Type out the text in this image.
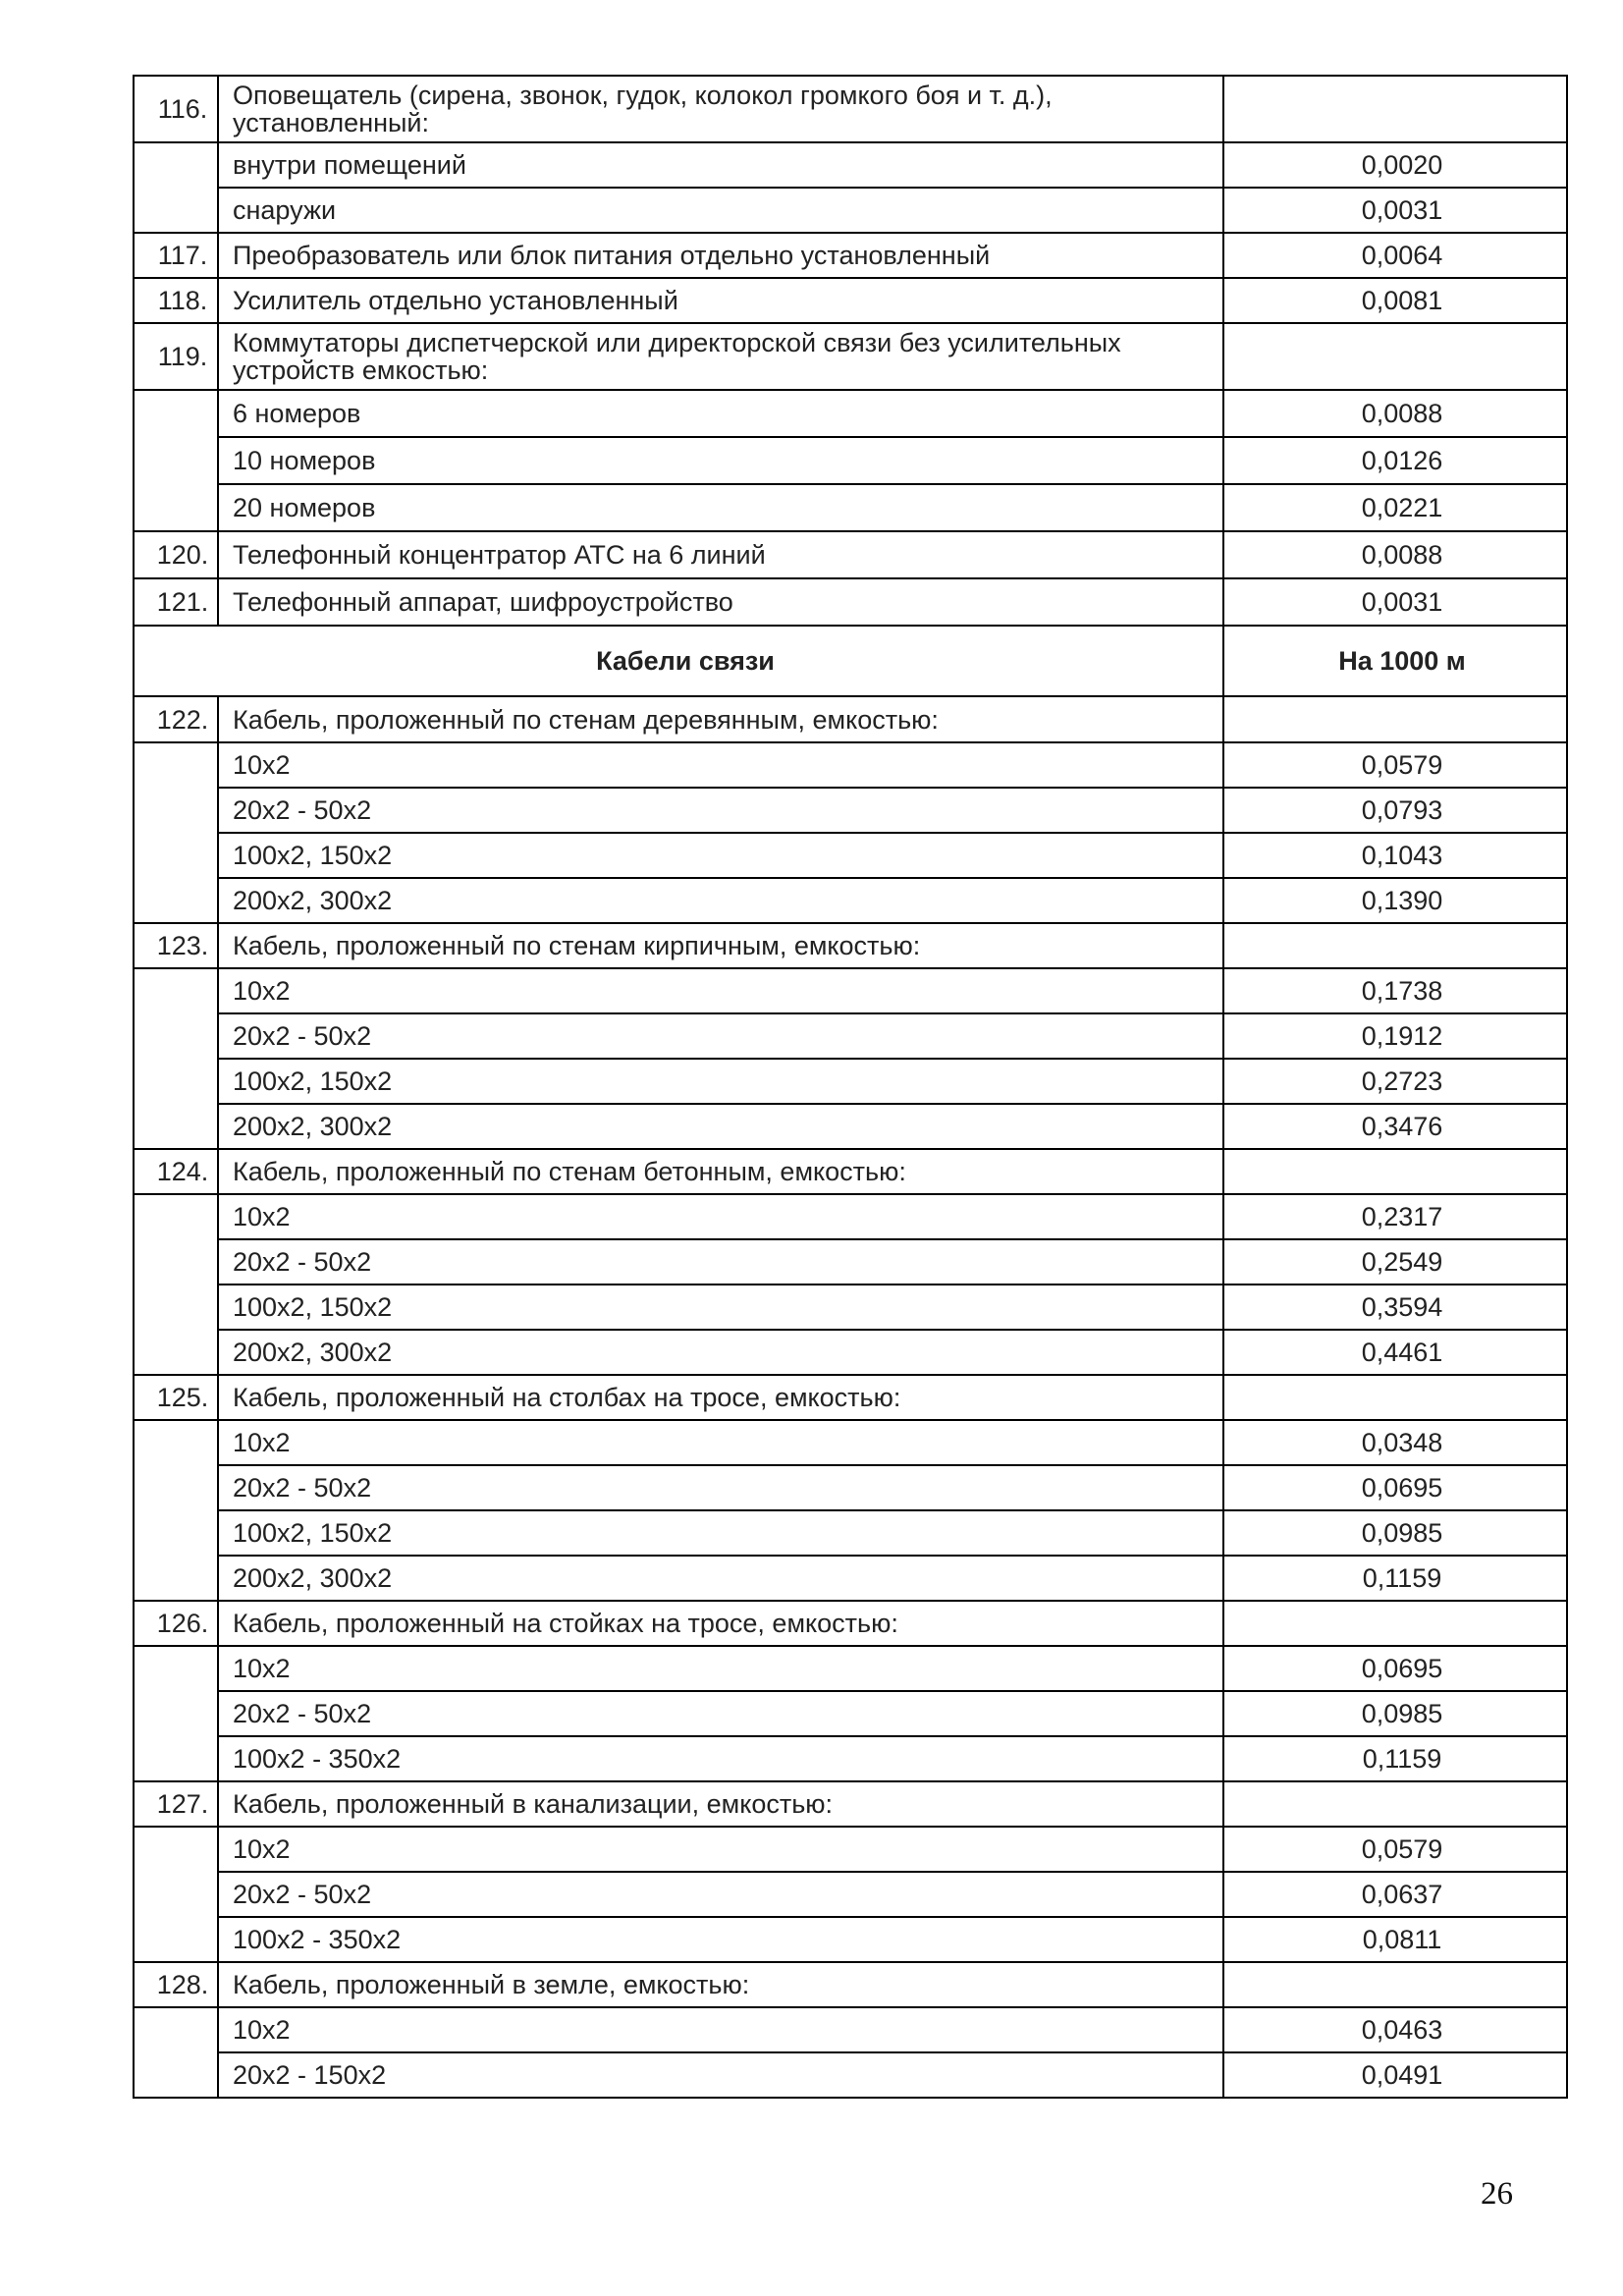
116.	Оповещатель (сирена, звонок, гудок, колокол громкого боя и т. д.), установленный:	
	внутри помещений	0,0020
	снаружи	0,0031
117.	Преобразователь или блок питания отдельно установленный	0,0064
118.	Усилитель отдельно установленный	0,0081
119.	Коммутаторы диспетчерской или директорской связи без усилительных устройств емкостью:	
	6 номеров	0,0088
	10 номеров	0,0126
	20 номеров	0,0221
120.	Телефонный концентратор АТС на 6 линий	0,0088
121.	Телефонный аппарат, шифроустройство	0,0031
Кабели связи		На 1000 м
122.	Кабель, проложенный по стенам деревянным, емкостью:	
	10x2	0,0579
	20x2 - 50x2	0,0793
	100x2, 150x2	0,1043
	200x2, 300x2	0,1390
123.	Кабель, проложенный по стенам кирпичным, емкостью:	
	10x2	0,1738
	20x2 - 50x2	0,1912
	100x2, 150x2	0,2723
	200x2, 300x2	0,3476
124.	Кабель, проложенный по стенам бетонным, емкостью:	
	10x2	0,2317
	20x2 - 50x2	0,2549
	100x2, 150x2	0,3594
	200x2, 300x2	0,4461
125.	Кабель, проложенный на столбах на тросе, емкостью:	
	10x2	0,0348
	20x2 - 50x2	0,0695
	100x2, 150x2	0,0985
	200x2, 300x2	0,1159
126.	Кабель, проложенный на стойках на тросе, емкостью:	
	10x2	0,0695
	20x2 - 50x2	0,0985
	100x2 - 350x2	0,1159
127.	Кабель, проложенный в канализации, емкостью:	
	10x2	0,0579
	20x2 - 50x2	0,0637
	100x2 - 350x2	0,0811
128.	Кабель, проложенный в земле, емкостью:	
	10x2	0,0463
	20x2 - 150x2	0,0491
26
